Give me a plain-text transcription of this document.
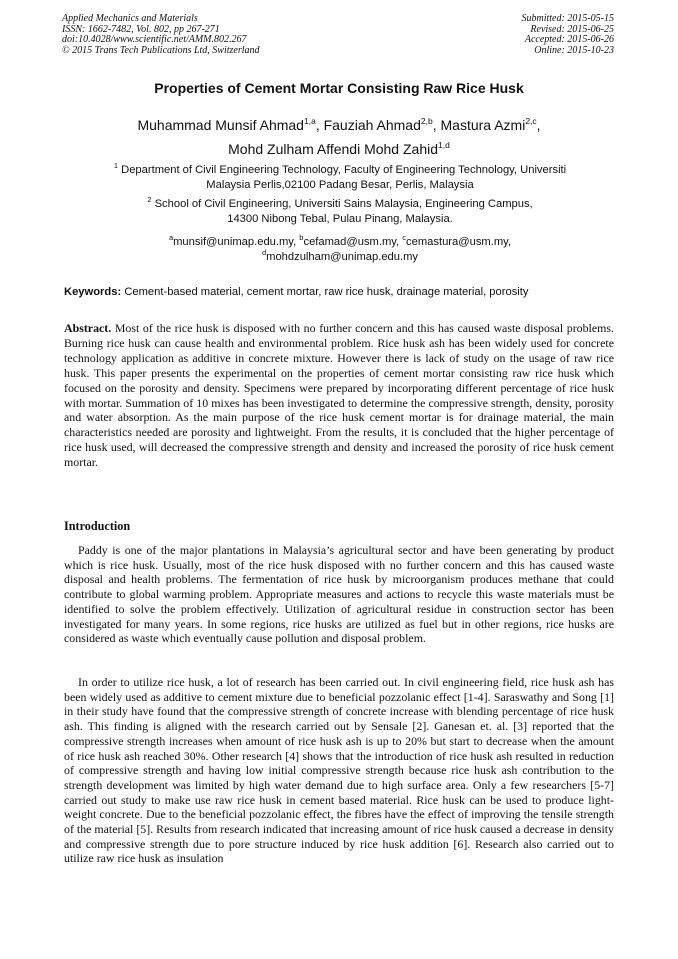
Applied Mechanics and Materials
ISSN: 1662-7482, Vol. 802, pp 267-271
doi:10.4028/www.scientific.net/AMM.802.267
© 2015 Trans Tech Publications Ltd, Switzerland
Submitted: 2015-05-15
Revised: 2015-06-25
Accepted: 2015-06-26
Online: 2015-10-23
Properties of Cement Mortar Consisting Raw Rice Husk
Muhammad Munsif Ahmad$^{1,a}$, Fauziah Ahmad$^{2,b}$, Mastura Azmi$^{2,c}$,
Mohd Zulham Affendi Mohd Zahid$^{1,d}$
$^1$ Department of Civil Engineering Technology, Faculty of Engineering Technology, Universiti
Malaysia Perlis,02100 Padang Besar, Perlis, Malaysia
$^2$ School of Civil Engineering, Universiti Sains Malaysia, Engineering Campus,
14300 Nibong Tebal, Pulau Pinang, Malaysia.
$^a$munsif@unimap.edu.my, $^b$cefamad@usm.my, $^c$cemastura@usm.my,
$^d$mohdzulham@unimap.edu.my
Keywords: Cement-based material, cement mortar, raw rice husk, drainage material, porosity
Abstract. Most of the rice husk is disposed with no further concern and this has caused waste disposal problems. Burning rice husk can cause health and environmental problem. Rice husk ash has been widely used for concrete technology application as additive in concrete mixture. However there is lack of study on the usage of raw rice husk. This paper presents the experimental on the properties of cement mortar consisting raw rice husk which focused on the porosity and density. Specimens were prepared by incorporating different percentage of rice husk with mortar. Summation of 10 mixes has been investigated to determine the compressive strength, density, porosity and water absorption. As the main purpose of the rice husk cement mortar is for drainage material, the main characteristics needed are porosity and lightweight. From the results, it is concluded that the higher percentage of rice husk used, will decreased the compressive strength and density and increased the porosity of rice husk cement mortar.
Introduction
Paddy is one of the major plantations in Malaysia’s agricultural sector and have been generating by product which is rice husk. Usually, most of the rice husk disposed with no further concern and this has caused waste disposal and health problems. The fermentation of rice husk by microorganism produces methane that could contribute to global warming problem. Appropriate measures and actions to recycle this waste materials must be identified to solve the problem effectively. Utilization of agricultural residue in construction sector has been investigated for many years. In some regions, rice husks are utilized as fuel but in other regions, rice husks are considered as waste which eventually cause pollution and disposal problem.
In order to utilize rice husk, a lot of research has been carried out. In civil engineering field, rice husk ash has been widely used as additive to cement mixture due to beneficial pozzolanic effect [1-4]. Saraswathy and Song [1] in their study have found that the compressive strength of concrete increase with blending percentage of rice husk ash. This finding is aligned with the research carried out by Sensale [2]. Ganesan et. al. [3] reported that the compressive strength increases when amount of rice husk ash is up to 20% but start to decrease when the amount of rice husk ash reached 30%. Other research [4] shows that the introduction of rice husk ash resulted in reduction of compressive strength and having low initial compressive strength because rice husk ash contribution to the strength development was limited by high water demand due to high surface area. Only a few researchers [5-7] carried out study to make use raw rice husk in cement based material. Rice husk can be used to produce light-weight concrete. Due to the beneficial pozzolanic effect, the fibres have the effect of improving the tensile strength of the material [5]. Results from research indicated that increasing amount of rice husk caused a decrease in density and compressive strength due to pore structure induced by rice husk addition [6]. Research also carried out to utilize raw rice husk as insulation
